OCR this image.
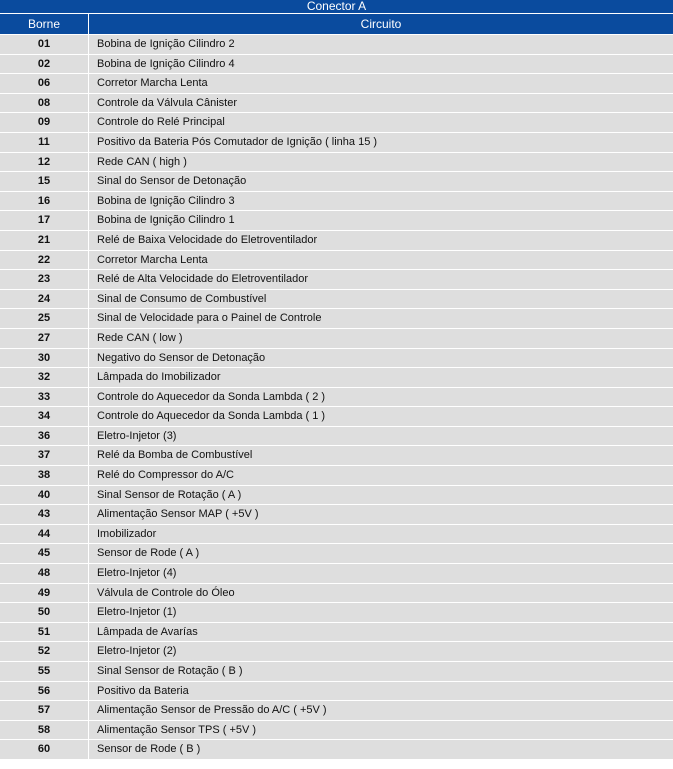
Conector A
Borne	Circuito
01	Bobina de Ignição Cilindro 2
02	Bobina de Ignição Cilindro 4
06	Corretor Marcha Lenta
08	Controle da Válvula Cânister
09	Controle do Relé Principal
11	Positivo da Bateria Pós Comutador de Ignição ( linha 15 )
12	Rede CAN ( high )
15	Sinal do Sensor de Detonação
16	Bobina de Ignição Cilindro 3
17	Bobina de Ignição Cilindro 1
21	Relé de Baixa Velocidade do Eletroventilador
22	Corretor Marcha Lenta
23	Relé de Alta Velocidade do Eletroventilador
24	Sinal de Consumo de Combustível
25	Sinal de Velocidade para o Painel de Controle
27	Rede CAN ( low )
30	Negativo do Sensor de Detonação
32	Lâmpada do Imobilizador
33	Controle do Aquecedor da Sonda Lambda ( 2 )
34	Controle do Aquecedor da Sonda Lambda ( 1 )
36	Eletro-Injetor (3)
37	Relé da Bomba de Combustível
38	Relé do Compressor do A/C
40	Sinal Sensor de Rotação ( A )
43	Alimentação Sensor MAP ( +5V )
44	Imobilizador
45	Sensor de Rode ( A )
48	Eletro-Injetor (4)
49	Válvula de Controle do Óleo
50	Eletro-Injetor (1)
51	Lâmpada de Avarías
52	Eletro-Injetor (2)
55	Sinal Sensor de Rotação ( B )
56	Positivo da Bateria
57	Alimentação Sensor de Pressão do A/C ( +5V )
58	Alimentação Sensor TPS ( +5V )
60	Sensor de Rode ( B )
